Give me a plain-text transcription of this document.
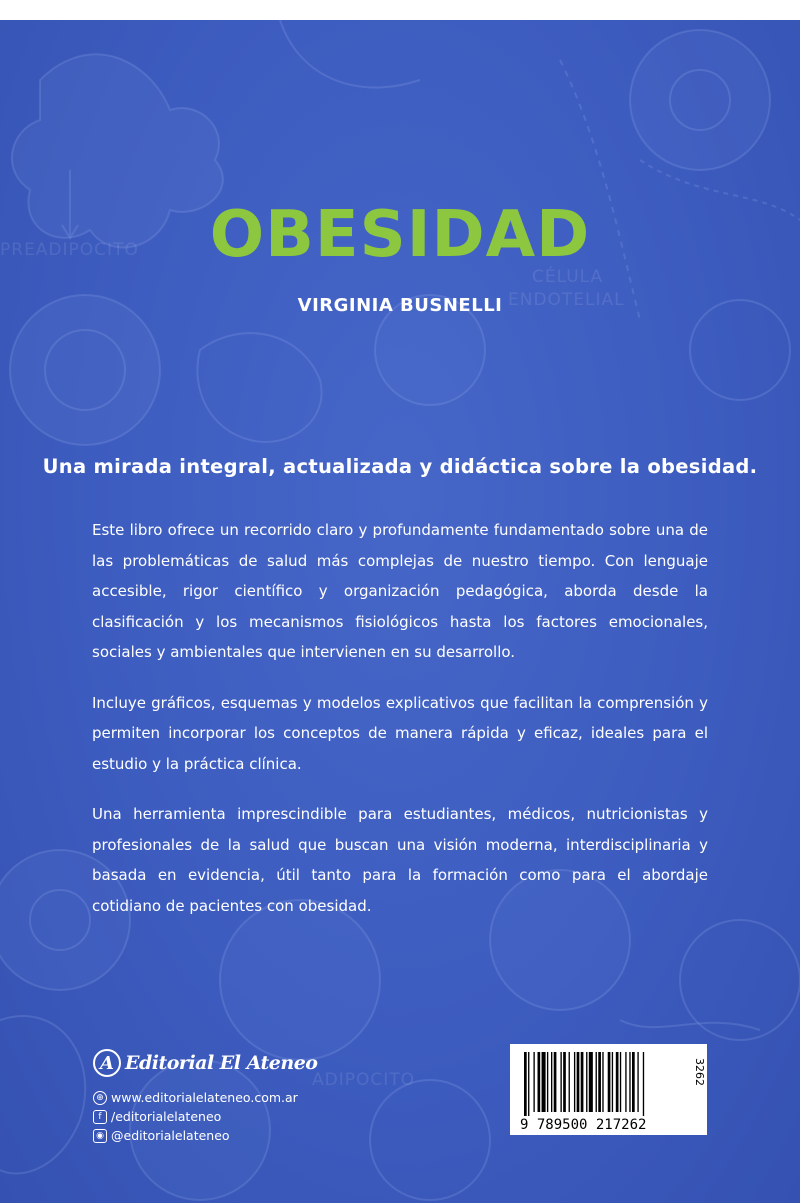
PREADIPOCITO
CÉLULA
ENDOTELIAL
ADIPOCITO
OBESIDAD
VIRGINIA BUSNELLI
Una mirada integral, actualizada y didáctica sobre la obesidad.

Este libro ofrece un recorrido claro y profundamente fundamentado sobre una de las problemáticas de salud más complejas de nuestro tiempo. Con lenguaje accesible, rigor científico y organización pedagógica, aborda desde la clasificación y los mecanismos fisiológicos hasta los factores emocionales, sociales y ambientales que intervienen en su desarrollo.

Incluye gráficos, esquemas y modelos explicativos que facilitan la comprensión y permiten incorporar los conceptos de manera rápida y eficaz, ideales para el estudio y la práctica clínica.

Una herramienta imprescindible para estudiantes, médicos, nutricionistas y profesionales de la salud que buscan una visión moderna, interdisciplinaria y basada en evidencia, útil tanto para la formación como para el abordaje cotidiano de pacientes con obesidad.

A Editorial El Ateneo
⊕ www.editorialelateneo.com.ar
f /editorialelateneo
◉ @editorialelateneo
9 789500 217262
3262
